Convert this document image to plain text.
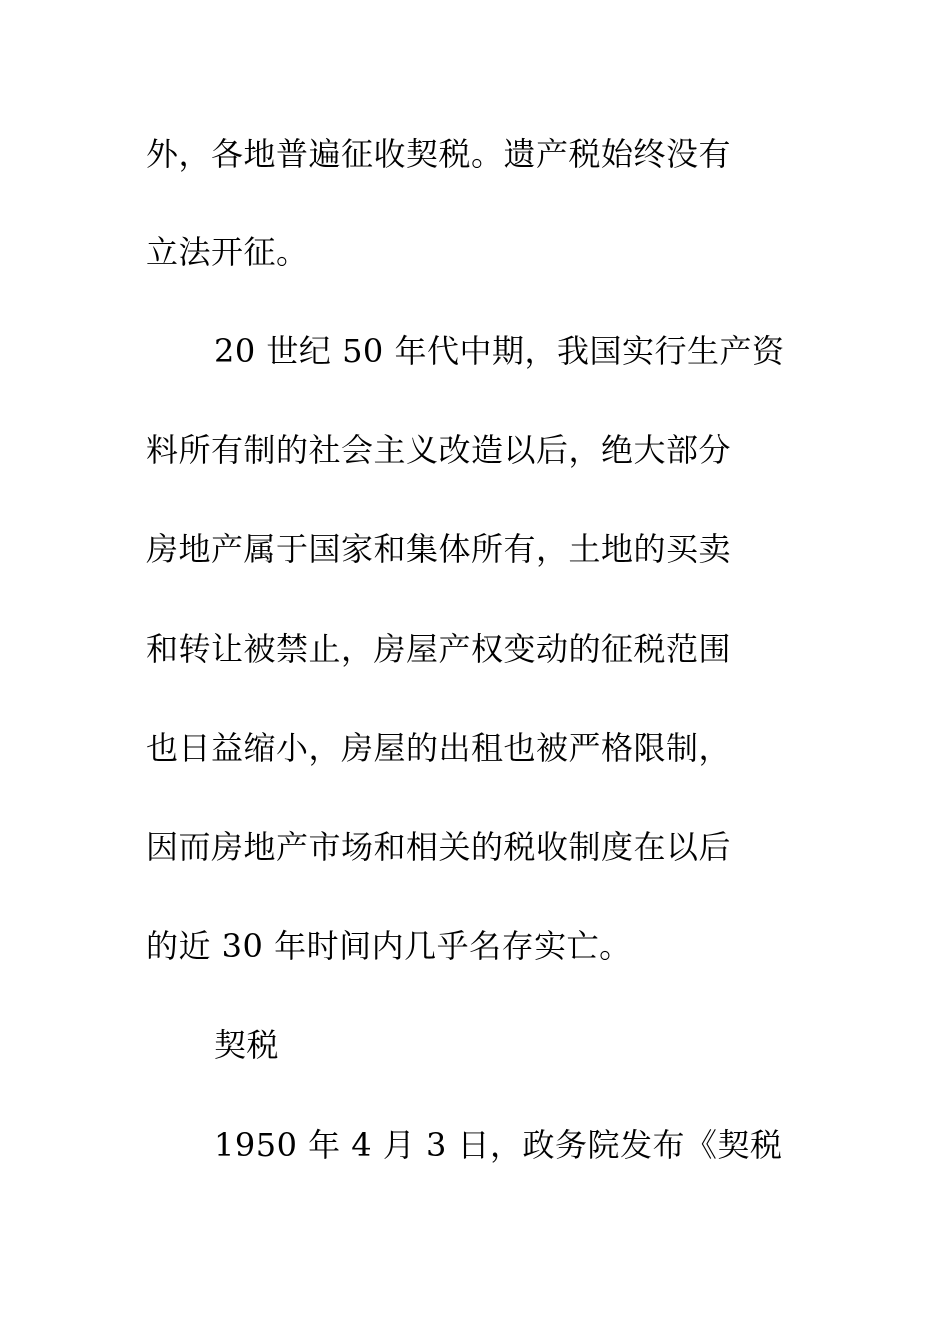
外，各地普遍征收契税。遗产税始终没有
立法开征。
20 世纪 50 年代中期，我国实行生产资
料所有制的社会主义改造以后，绝大部分
房地产属于国家和集体所有，土地的买卖
和转让被禁止，房屋产权变动的征税范围
也日益缩小，房屋的出租也被严格限制，
因而房地产市场和相关的税收制度在以后
的近 30 年时间内几乎名存实亡。
契税
1950 年 4 月 3 日，政务院发布《契税
